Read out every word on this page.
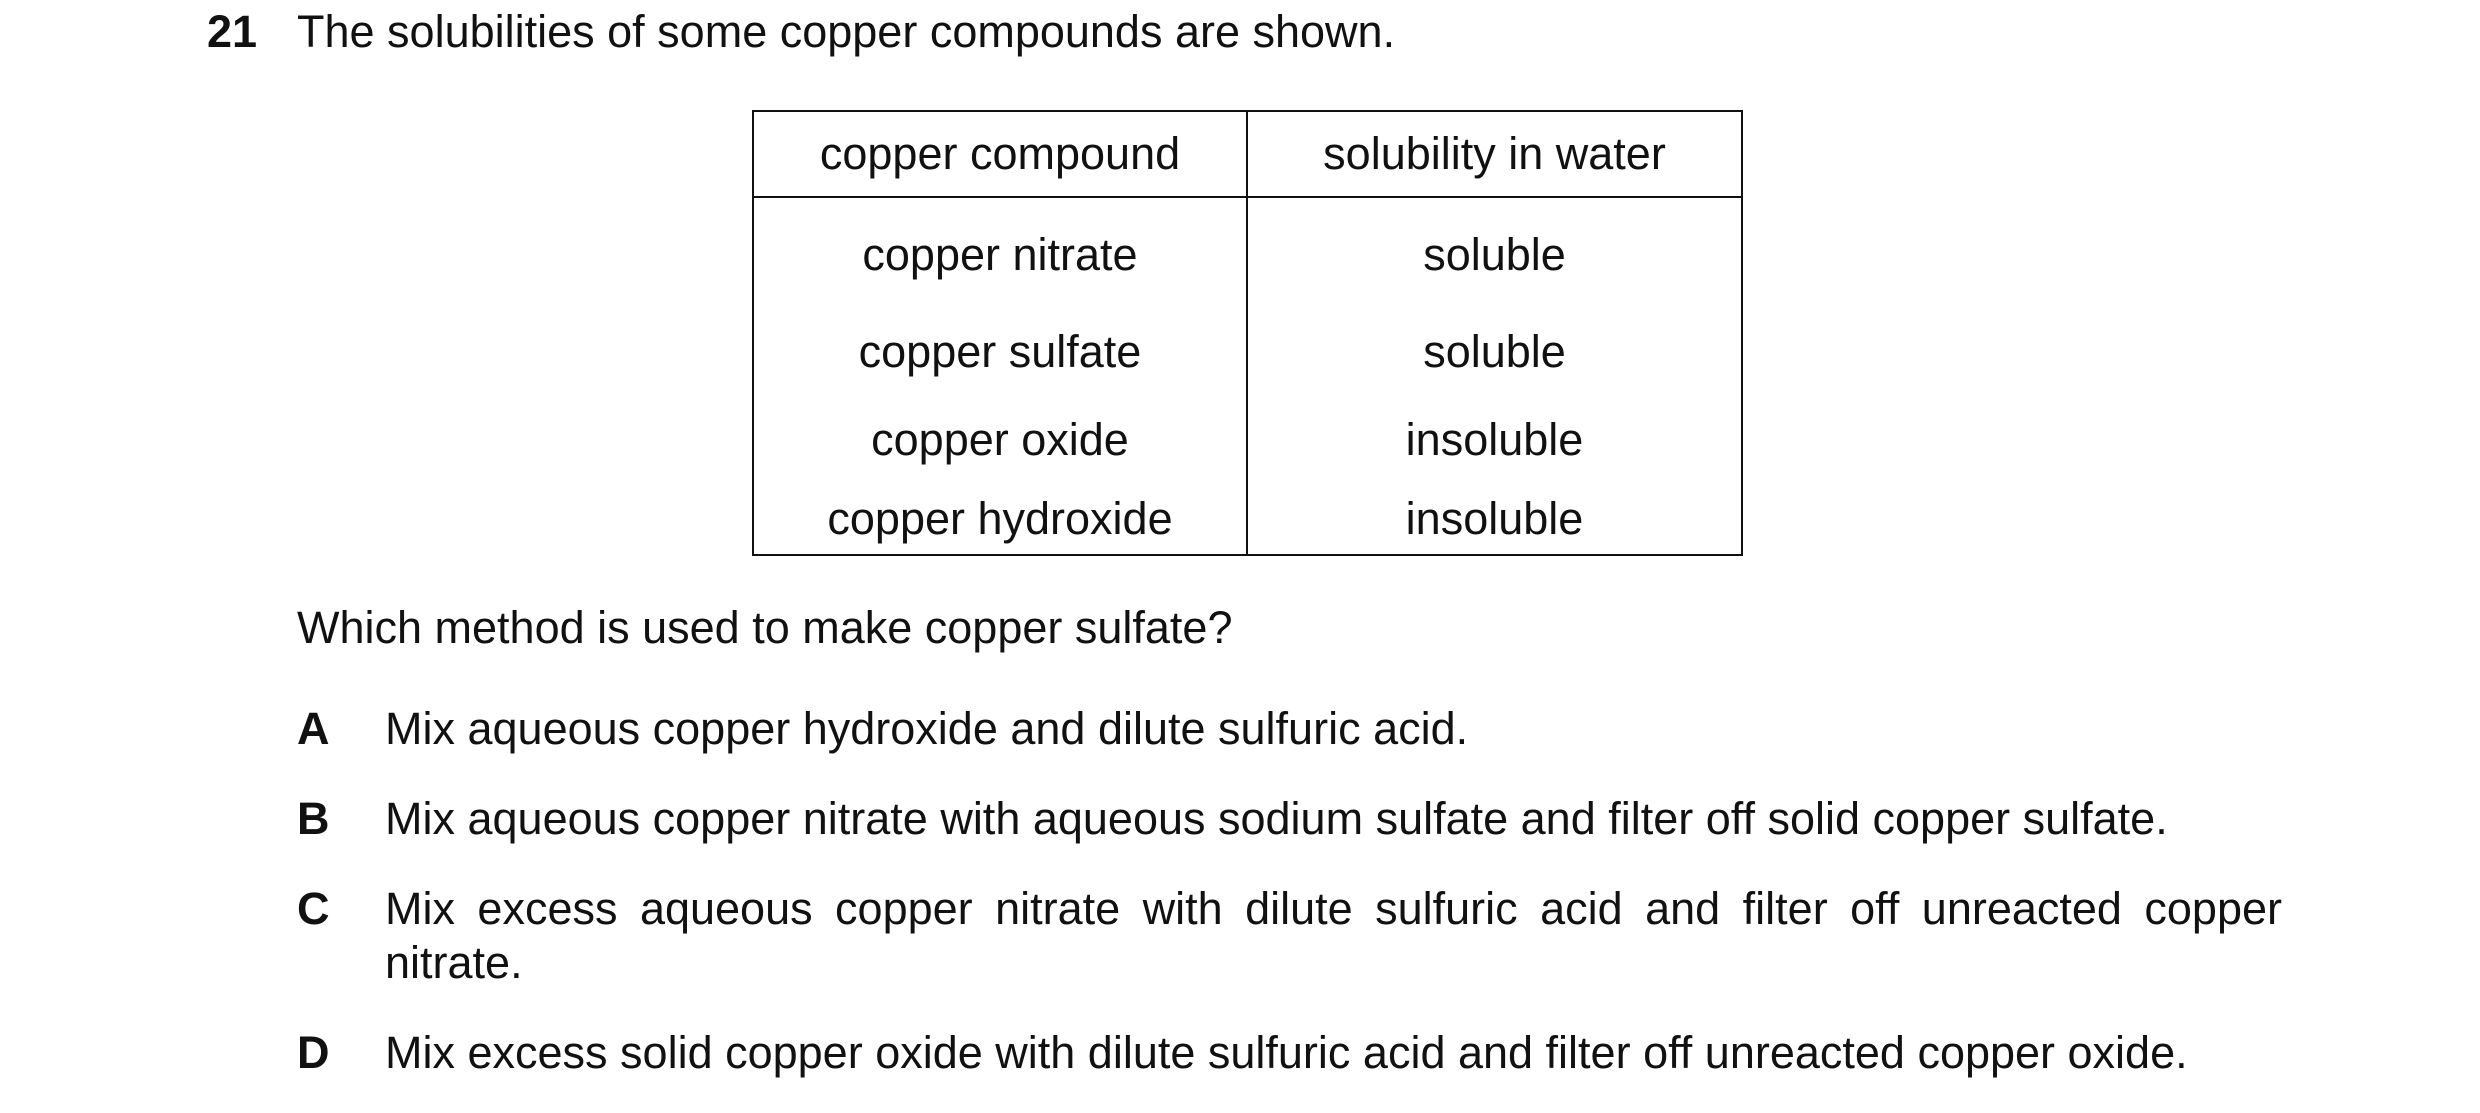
21 The solubilities of some copper compounds are shown.
copper compound	solubility in water
copper nitrate	soluble
copper sulfate	soluble
copper oxide	insoluble
copper hydroxide	insoluble
Which method is used to make copper sulfate?
A Mix aqueous copper hydroxide and dilute sulfuric acid.
B Mix aqueous copper nitrate with aqueous sodium sulfate and filter off solid copper sulfate.
C Mix excess aqueous copper nitrate with dilute sulfuric acid and filter off unreacted copper nitrate.
D Mix excess solid copper oxide with dilute sulfuric acid and filter off unreacted copper oxide.
